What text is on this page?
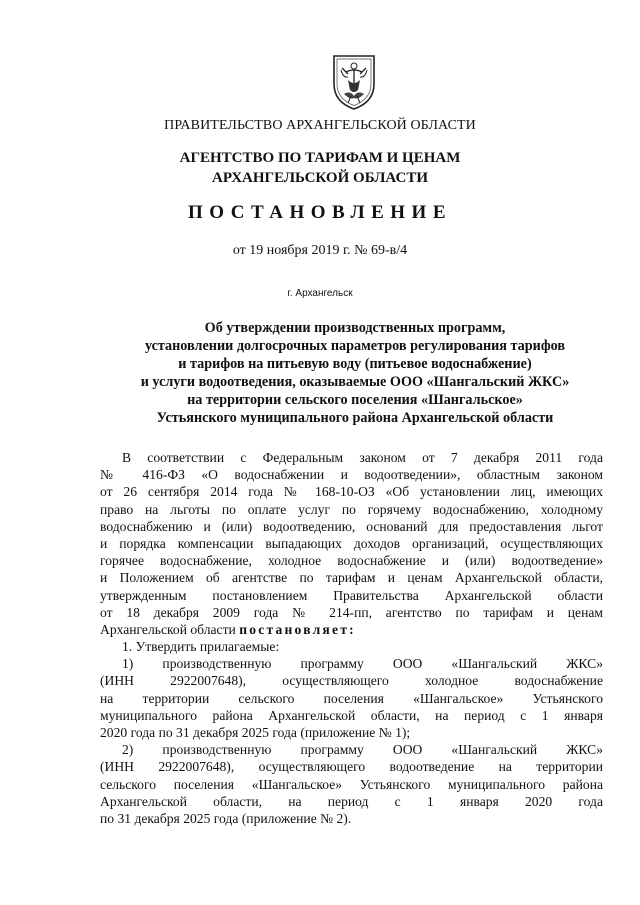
ПРАВИТЕЛЬСТВО АРХАНГЕЛЬСКОЙ ОБЛАСТИ
АГЕНТСТВО ПО ТАРИФАМ И ЦЕНАМ
АРХАНГЕЛЬСКОЙ ОБЛАСТИ
ПОСТАНОВЛЕНИЕ
от 19 ноября 2019 г. № 69-в/4
г. Архангельск
Об утверждении производственных программ,
установлении долгосрочных параметров регулирования тарифов
и тарифов на питьевую воду (питьевое водоснабжение)
и услуги водоотведения, оказываемые ООО «Шангальский ЖКС»
на территории сельского поселения «Шангальское»
Устьянского муниципального района Архангельской области
В соответствии с Федеральным законом от 7 декабря 2011 года
№ 416-ФЗ «О водоснабжении и водоотведении», областным законом
от 26 сентября 2014 года № 168-10-ОЗ «Об установлении лиц, имеющих
право на льготы по оплате услуг по горячему водоснабжению, холодному
водоснабжению и (или) водоотведению, оснований для предоставления льгот
и порядка компенсации выпадающих доходов организаций, осуществляющих
горячее водоснабжение, холодное водоснабжение и (или) водоотведение»
и Положением об агентстве по тарифам и ценам Архангельской области,
утвержденным постановлением Правительства Архангельской области
от 18 декабря 2009 года № 214-пп, агентство по тарифам и ценам
Архангельской области постановляет:
1. Утвердить прилагаемые:
1) производственную программу ООО «Шангальский ЖКС»
(ИНН 2922007648), осуществляющего холодное водоснабжение
на территории сельского поселения «Шангальское» Устьянского
муниципального района Архангельской области, на период с 1 января
2020 года по 31 декабря 2025 года (приложение № 1);
2) производственную программу ООО «Шангальский ЖКС»
(ИНН 2922007648), осуществляющего водоотведение на территории
сельского поселения «Шангальское» Устьянского муниципального района
Архангельской области, на период с 1 января 2020 года
по 31 декабря 2025 года (приложение № 2).
